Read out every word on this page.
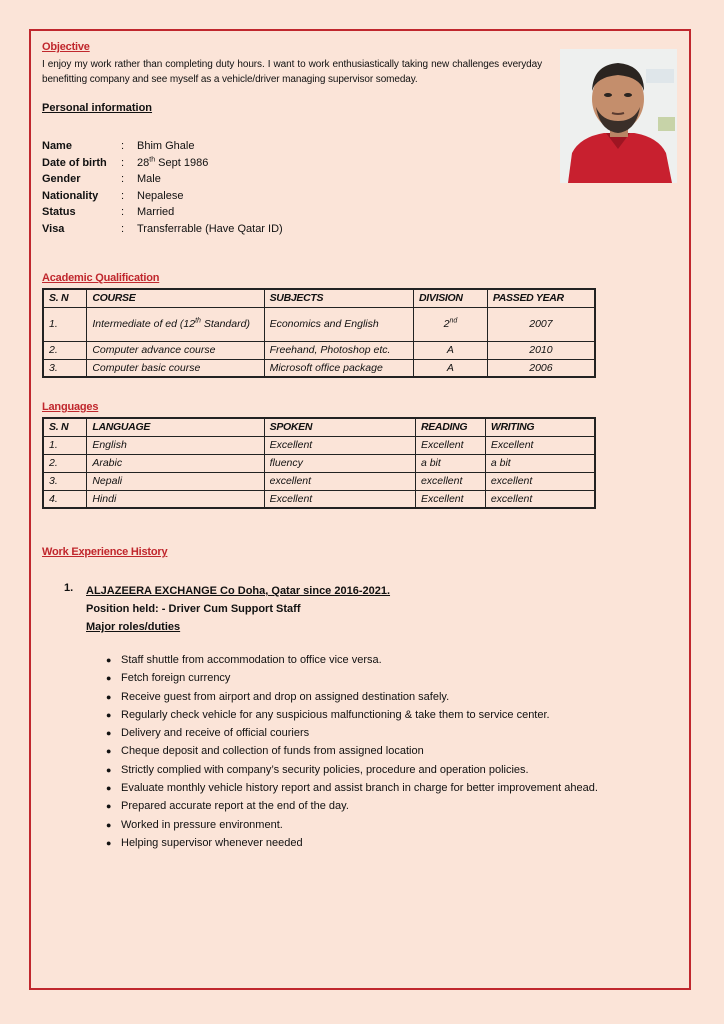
Objective
I enjoy my work rather than completing duty hours. I want to work enthusiastically taking new challenges everyday benefitting company and see myself as a vehicle/driver managing supervisor someday.
Personal information
Name	:	Bhim Ghale
Date of birth	:	28th Sept 1986
Gender	:	Male
Nationality	:	Nepalese
Status	:	Married
Visa	:	Transferrable (Have Qatar ID)
Academic Qualification
S. N	COURSE	SUBJECTS	DIVISION	PASSED YEAR
1.	Intermediate of ed (12th Standard)	Economics and English	2nd	2007
2.	Computer advance course	Freehand, Photoshop etc.	A	2010
3.	Computer basic course	Microsoft office package	A	2006
Languages
S. N	LANGUAGE	SPOKEN	READING	WRITING
1.	English	Excellent	Excellent	Excellent
2.	Arabic	fluency	a bit	a bit
3.	Nepali	excellent	excellent	excellent
4.	Hindi	Excellent	Excellent	excellent
Work Experience History
1. ALJAZEERA EXCHANGE Co Doha, Qatar since 2016-2021.
Position held: - Driver Cum Support Staff
Major roles/duties
● Staff shuttle from accommodation to office vice versa.
● Fetch foreign currency
● Receive guest from airport and drop on assigned destination safely.
● Regularly check vehicle for any suspicious malfunctioning & take them to service center.
● Delivery and receive of official couriers
● Cheque deposit and collection of funds from assigned location
● Strictly complied with company’s security policies, procedure and operation policies.
● Evaluate monthly vehicle history report and assist branch in charge for better improvement ahead.
● Prepared accurate report at the end of the day.
● Worked in pressure environment.
● Helping supervisor whenever needed
